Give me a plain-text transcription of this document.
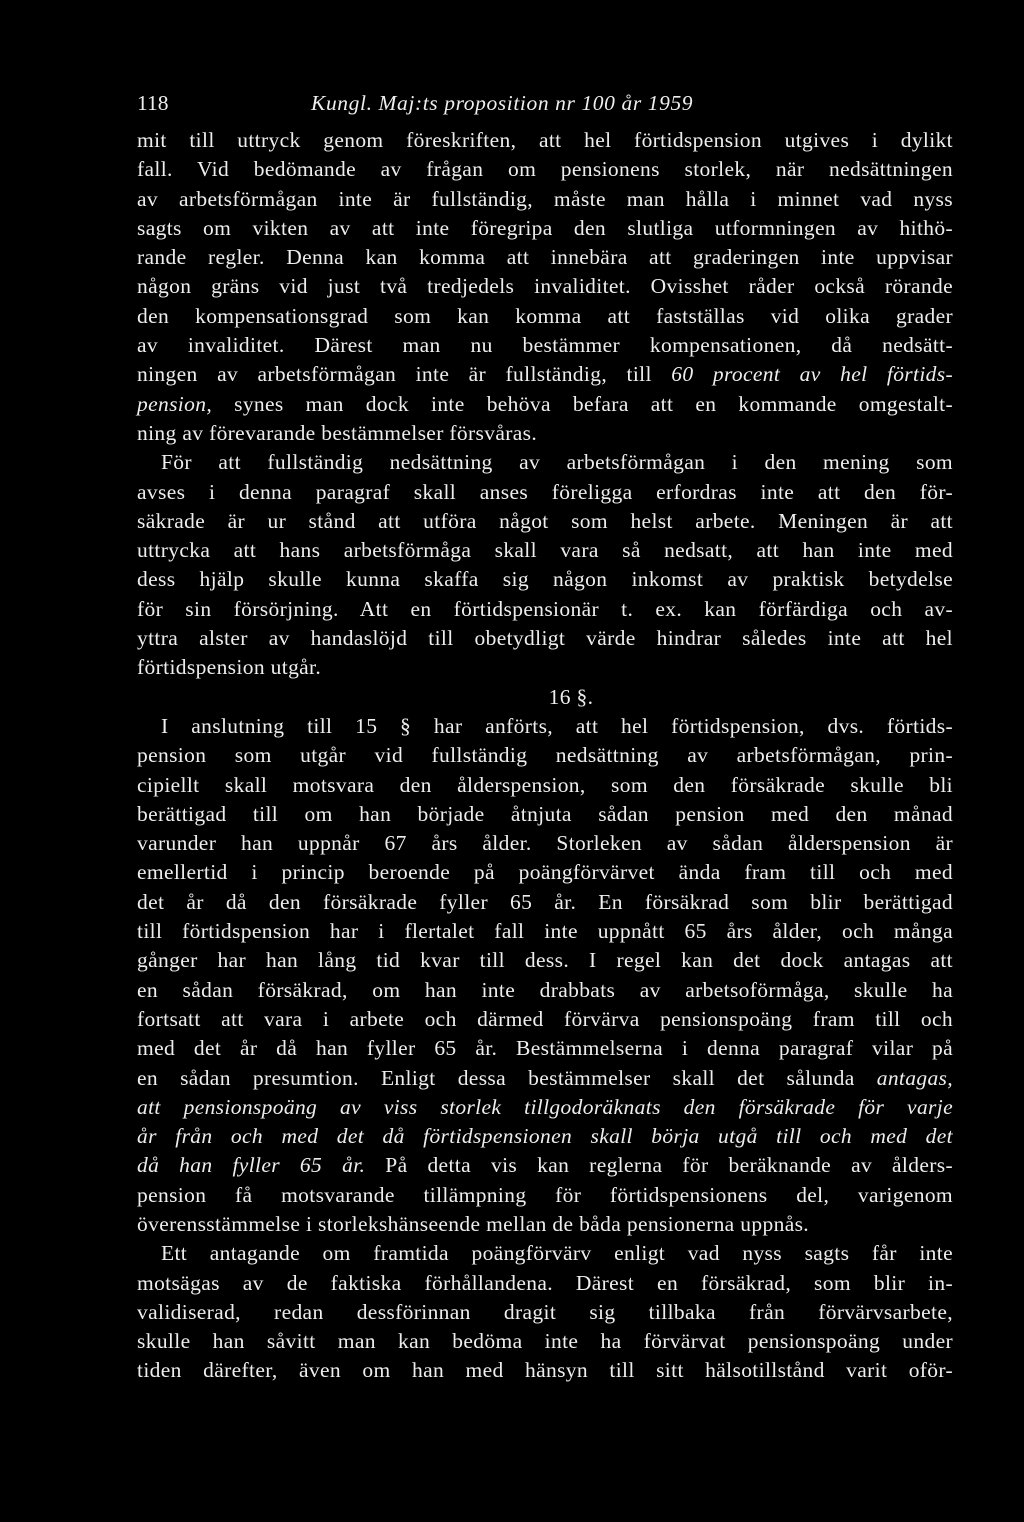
118	Kungl. Maj:ts proposition nr 100 år 1959
mit till uttryck genom föreskriften, att hel förtidspension utgives i dylikt
fall. Vid bedömande av frågan om pensionens storlek, när nedsättningen
av arbetsförmågan inte är fullständig, måste man hålla i minnet vad nyss
sagts om vikten av att inte föregripa den slutliga utformningen av hithö-
rande regler. Denna kan komma att innebära att graderingen inte uppvisar
någon gräns vid just två tredjedels invaliditet. Ovisshet råder också rörande
den kompensationsgrad som kan komma att fastställas vid olika grader
av invaliditet. Därest man nu bestämmer kompensationen, då nedsätt-
ningen av arbetsförmågan inte är fullständig, till 60 procent av hel förtids-
pension, synes man dock inte behöva befara att en kommande omgestalt-
ning av förevarande bestämmelser försvåras.
För att fullständig nedsättning av arbetsförmågan i den mening som
avses i denna paragraf skall anses föreligga erfordras inte att den för-
säkrade är ur stånd att utföra något som helst arbete. Meningen är att
uttrycka att hans arbetsförmåga skall vara så nedsatt, att han inte med
dess hjälp skulle kunna skaffa sig någon inkomst av praktisk betydelse
för sin försörjning. Att en förtidspensionär t. ex. kan förfärdiga och av-
yttra alster av handaslöjd till obetydligt värde hindrar således inte att hel
förtidspension utgår.
16 §.
I anslutning till 15 § har anförts, att hel förtidspension, dvs. förtids-
pension som utgår vid fullständig nedsättning av arbetsförmågan, prin-
cipiellt skall motsvara den ålderspension, som den försäkrade skulle bli
berättigad till om han började åtnjuta sådan pension med den månad
varunder han uppnår 67 års ålder. Storleken av sådan ålderspension är
emellertid i princip beroende på poängförvärvet ända fram till och med
det år då den försäkrade fyller 65 år. En försäkrad som blir berättigad
till förtidspension har i flertalet fall inte uppnått 65 års ålder, och många
gånger har han lång tid kvar till dess. I regel kan det dock antagas att
en sådan försäkrad, om han inte drabbats av arbetsoförmåga, skulle ha
fortsatt att vara i arbete och därmed förvärva pensionspoäng fram till och
med det år då han fyller 65 år. Bestämmelserna i denna paragraf vilar på
en sådan presumtion. Enligt dessa bestämmelser skall det sålunda antagas,
att pensionspoäng av viss storlek tillgodoräknats den försäkrade för varje
år från och med det då förtidspensionen skall börja utgå till och med det
då han fyller 65 år. På detta vis kan reglerna för beräknande av ålders-
pension få motsvarande tillämpning för förtidspensionens del, varigenom
överensstämmelse i storlekshänseende mellan de båda pensionerna uppnås.
Ett antagande om framtida poängförvärv enligt vad nyss sagts får inte
motsägas av de faktiska förhållandena. Därest en försäkrad, som blir in-
validiserad, redan dessförinnan dragit sig tillbaka från förvärvsarbete,
skulle han såvitt man kan bedöma inte ha förvärvat pensionspoäng under
tiden därefter, även om han med hänsyn till sitt hälsotillstånd varit oför-
